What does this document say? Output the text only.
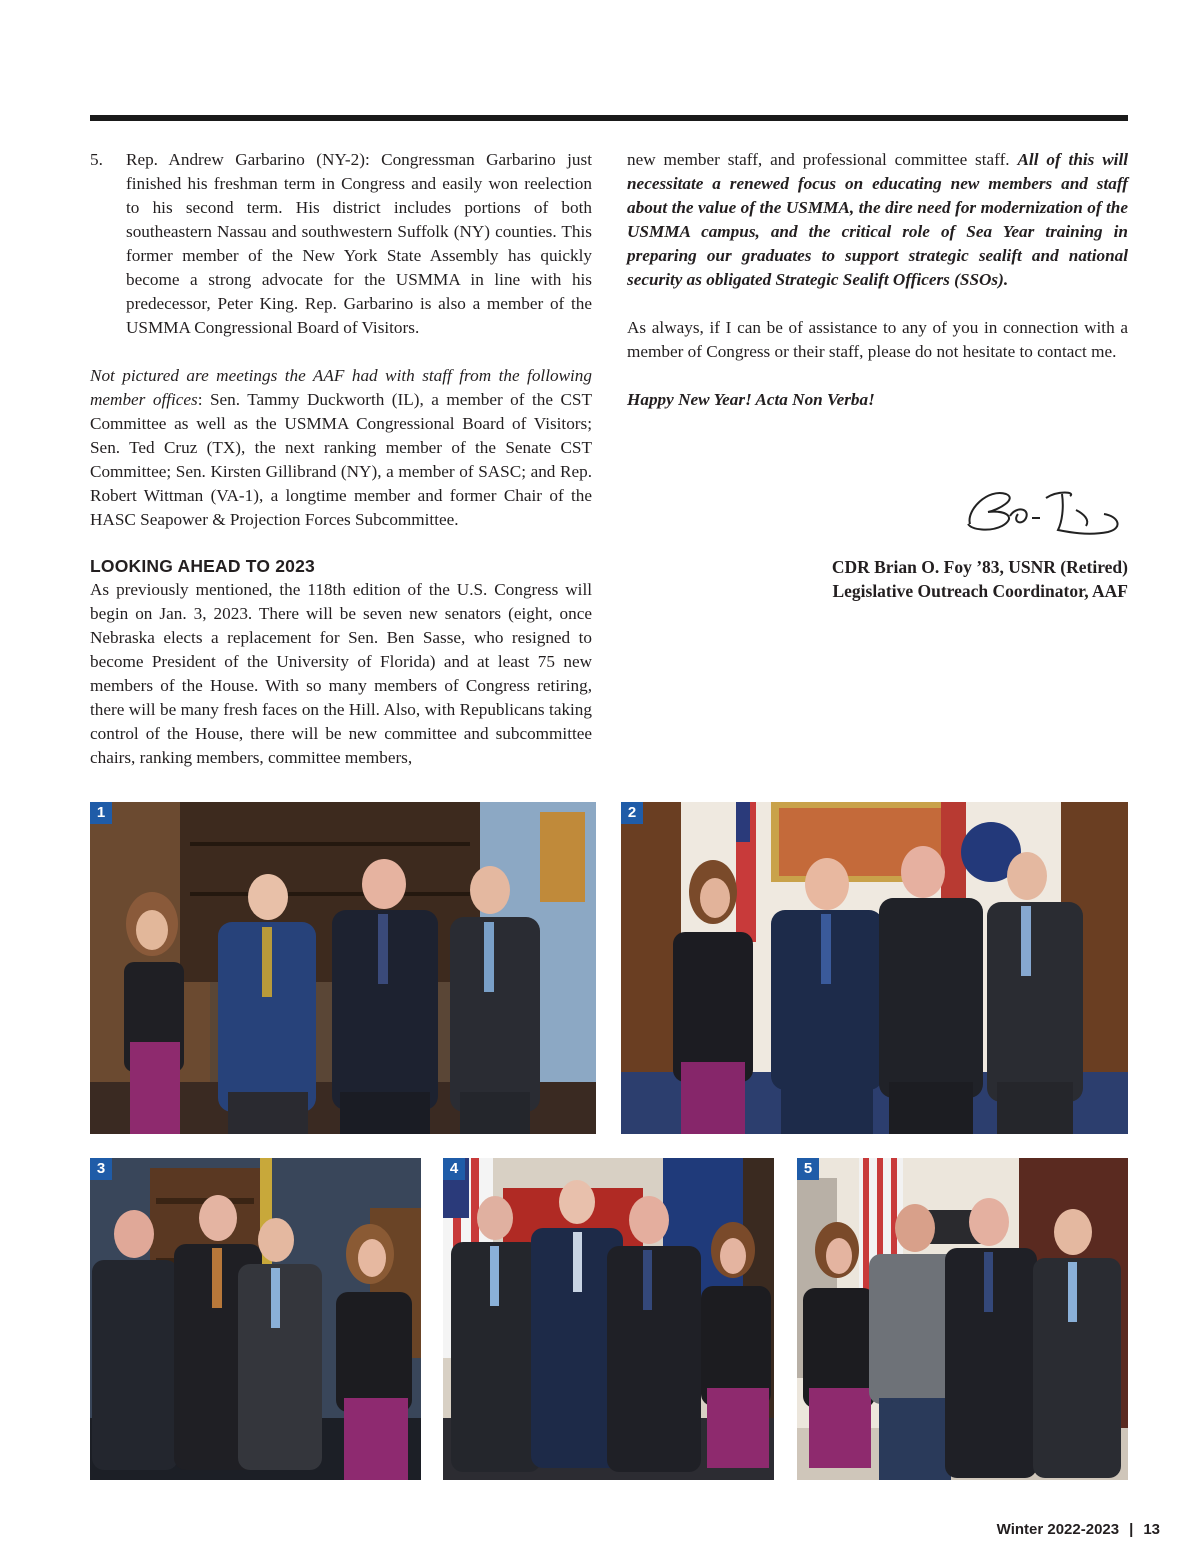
5. Rep. Andrew Garbarino (NY-2): Congressman Garbarino just finished his freshman term in Congress and easily won reelection to his second term. His district includes portions of both southeastern Nassau and southwestern Suffolk (NY) counties. This former member of the New York State Assembly has quickly become a strong advocate for the USMMA in line with his predecessor, Peter King. Rep. Garbarino is also a member of the USMMA Congressional Board of Visitors.

Not pictured are meetings the AAF had with staff from the following member offices: Sen. Tammy Duckworth (IL), a member of the CST Committee as well as the USMMA Congressional Board of Visitors; Sen. Ted Cruz (TX), the next ranking member of the Senate CST Committee; Sen. Kirsten Gillibrand (NY), a member of SASC; and Rep. Robert Wittman (VA-1), a longtime member and former Chair of the HASC Seapower & Projection Forces Subcommittee.

LOOKING AHEAD TO 2023

As previously mentioned, the 118th edition of the U.S. Congress will begin on Jan. 3, 2023. There will be seven new senators (eight, once Nebraska elects a replacement for Sen. Ben Sasse, who resigned to become President of the University of Florida) and at least 75 new members of the House. With so many members of Congress retiring, there will be many fresh faces on the Hill. Also, with Republicans taking control of the House, there will be new committee and subcommittee chairs, ranking members, committee members,

new member staff, and professional committee staff. All of this will necessitate a renewed focus on educating new members and staff about the value of the USMMA, the dire need for modernization of the USMMA campus, and the critical role of Sea Year training in preparing our graduates to support strategic sealift and national security as obligated Strategic Sealift Officers (SSOs).

As always, if I can be of assistance to any of you in connection with a member of Congress or their staff, please do not hesitate to contact me.

Happy New Year! Acta Non Verba!

CDR Brian O. Foy ’83, USNR (Retired)
Legislative Outreach Coordinator, AAF
1	2
3	4	5
Winter 2022-2023 | 13
